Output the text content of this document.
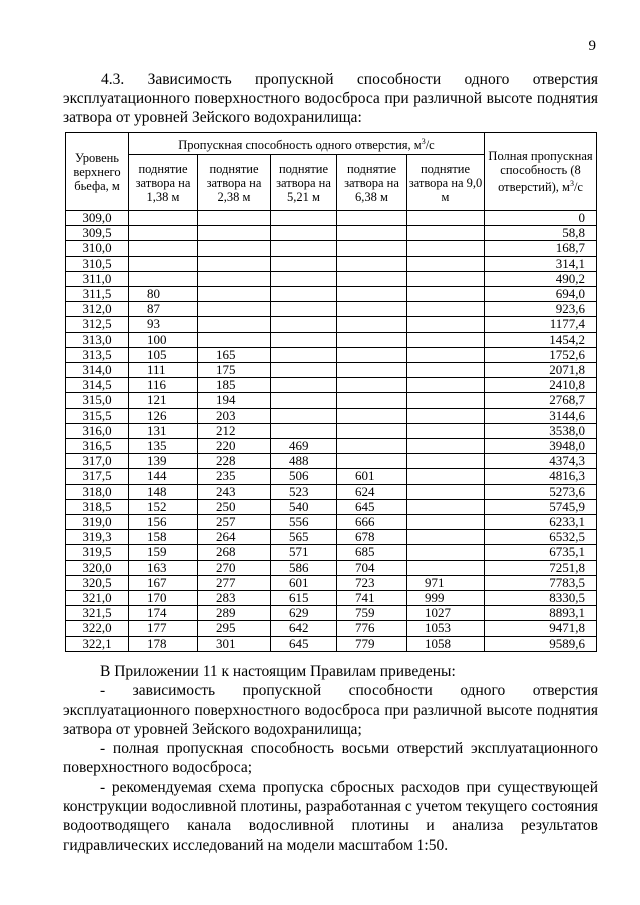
9

4.3. Зависимость пропускной способности одного отверстия

эксплуатационного поверхностного водосброса при различной высоте поднятия

затвора от уровней Зейского водохранилища:

Уровень верхнего бьефа, м	Пропускная способность одного отверстия, $м^3/с$					Полная пропускная способность (8 отверстий), $м^3/с$
	поднятие затвора на 1,38 м	поднятие затвора на 2,38 м	поднятие затвора на 5,21 м	поднятие затвора на 6,38 м	поднятие затвора на 9,0 м	
309,0						0
309,5						58,8
310,0						168,7
310,5						314,1
311,0						490,2
311,5	80					694,0
312,0	87					923,6
312,5	93					1177,4
313,0	100					1454,2
313,5	105	165				1752,6
314,0	111	175				2071,8
314,5	116	185				2410,8
315,0	121	194				2768,7
315,5	126	203				3144,6
316,0	131	212				3538,0
316,5	135	220	469			3948,0
317,0	139	228	488			4374,3
317,5	144	235	506	601		4816,3
318,0	148	243	523	624		5273,6
318,5	152	250	540	645		5745,9
319,0	156	257	556	666		6233,1
319,3	158	264	565	678		6532,5
319,5	159	268	571	685		6735,1
320,0	163	270	586	704		7251,8
320,5	167	277	601	723	971	7783,5
321,0	170	283	615	741	999	8330,5
321,5	174	289	629	759	1027	8893,1
322,0	177	295	642	776	1053	9471,8
322,1	178	301	645	779	1058	9589,6

В Приложении 11 к настоящим Правилам приведены:

- зависимость пропускной способности одного отверстия эксплуатационного поверхностного водосброса при различной высоте поднятия затвора от уровней Зейского водохранилища;

- полная пропускная способность восьми отверстий эксплуатационного поверхностного водосброса;

- рекомендуемая схема пропуска сбросных расходов при существующей конструкции водосливной плотины, разработанная с учетом текущего состояния водоотводящего канала водосливной плотины и анализа результатов гидравлических исследований на модели масштабом 1:50.
